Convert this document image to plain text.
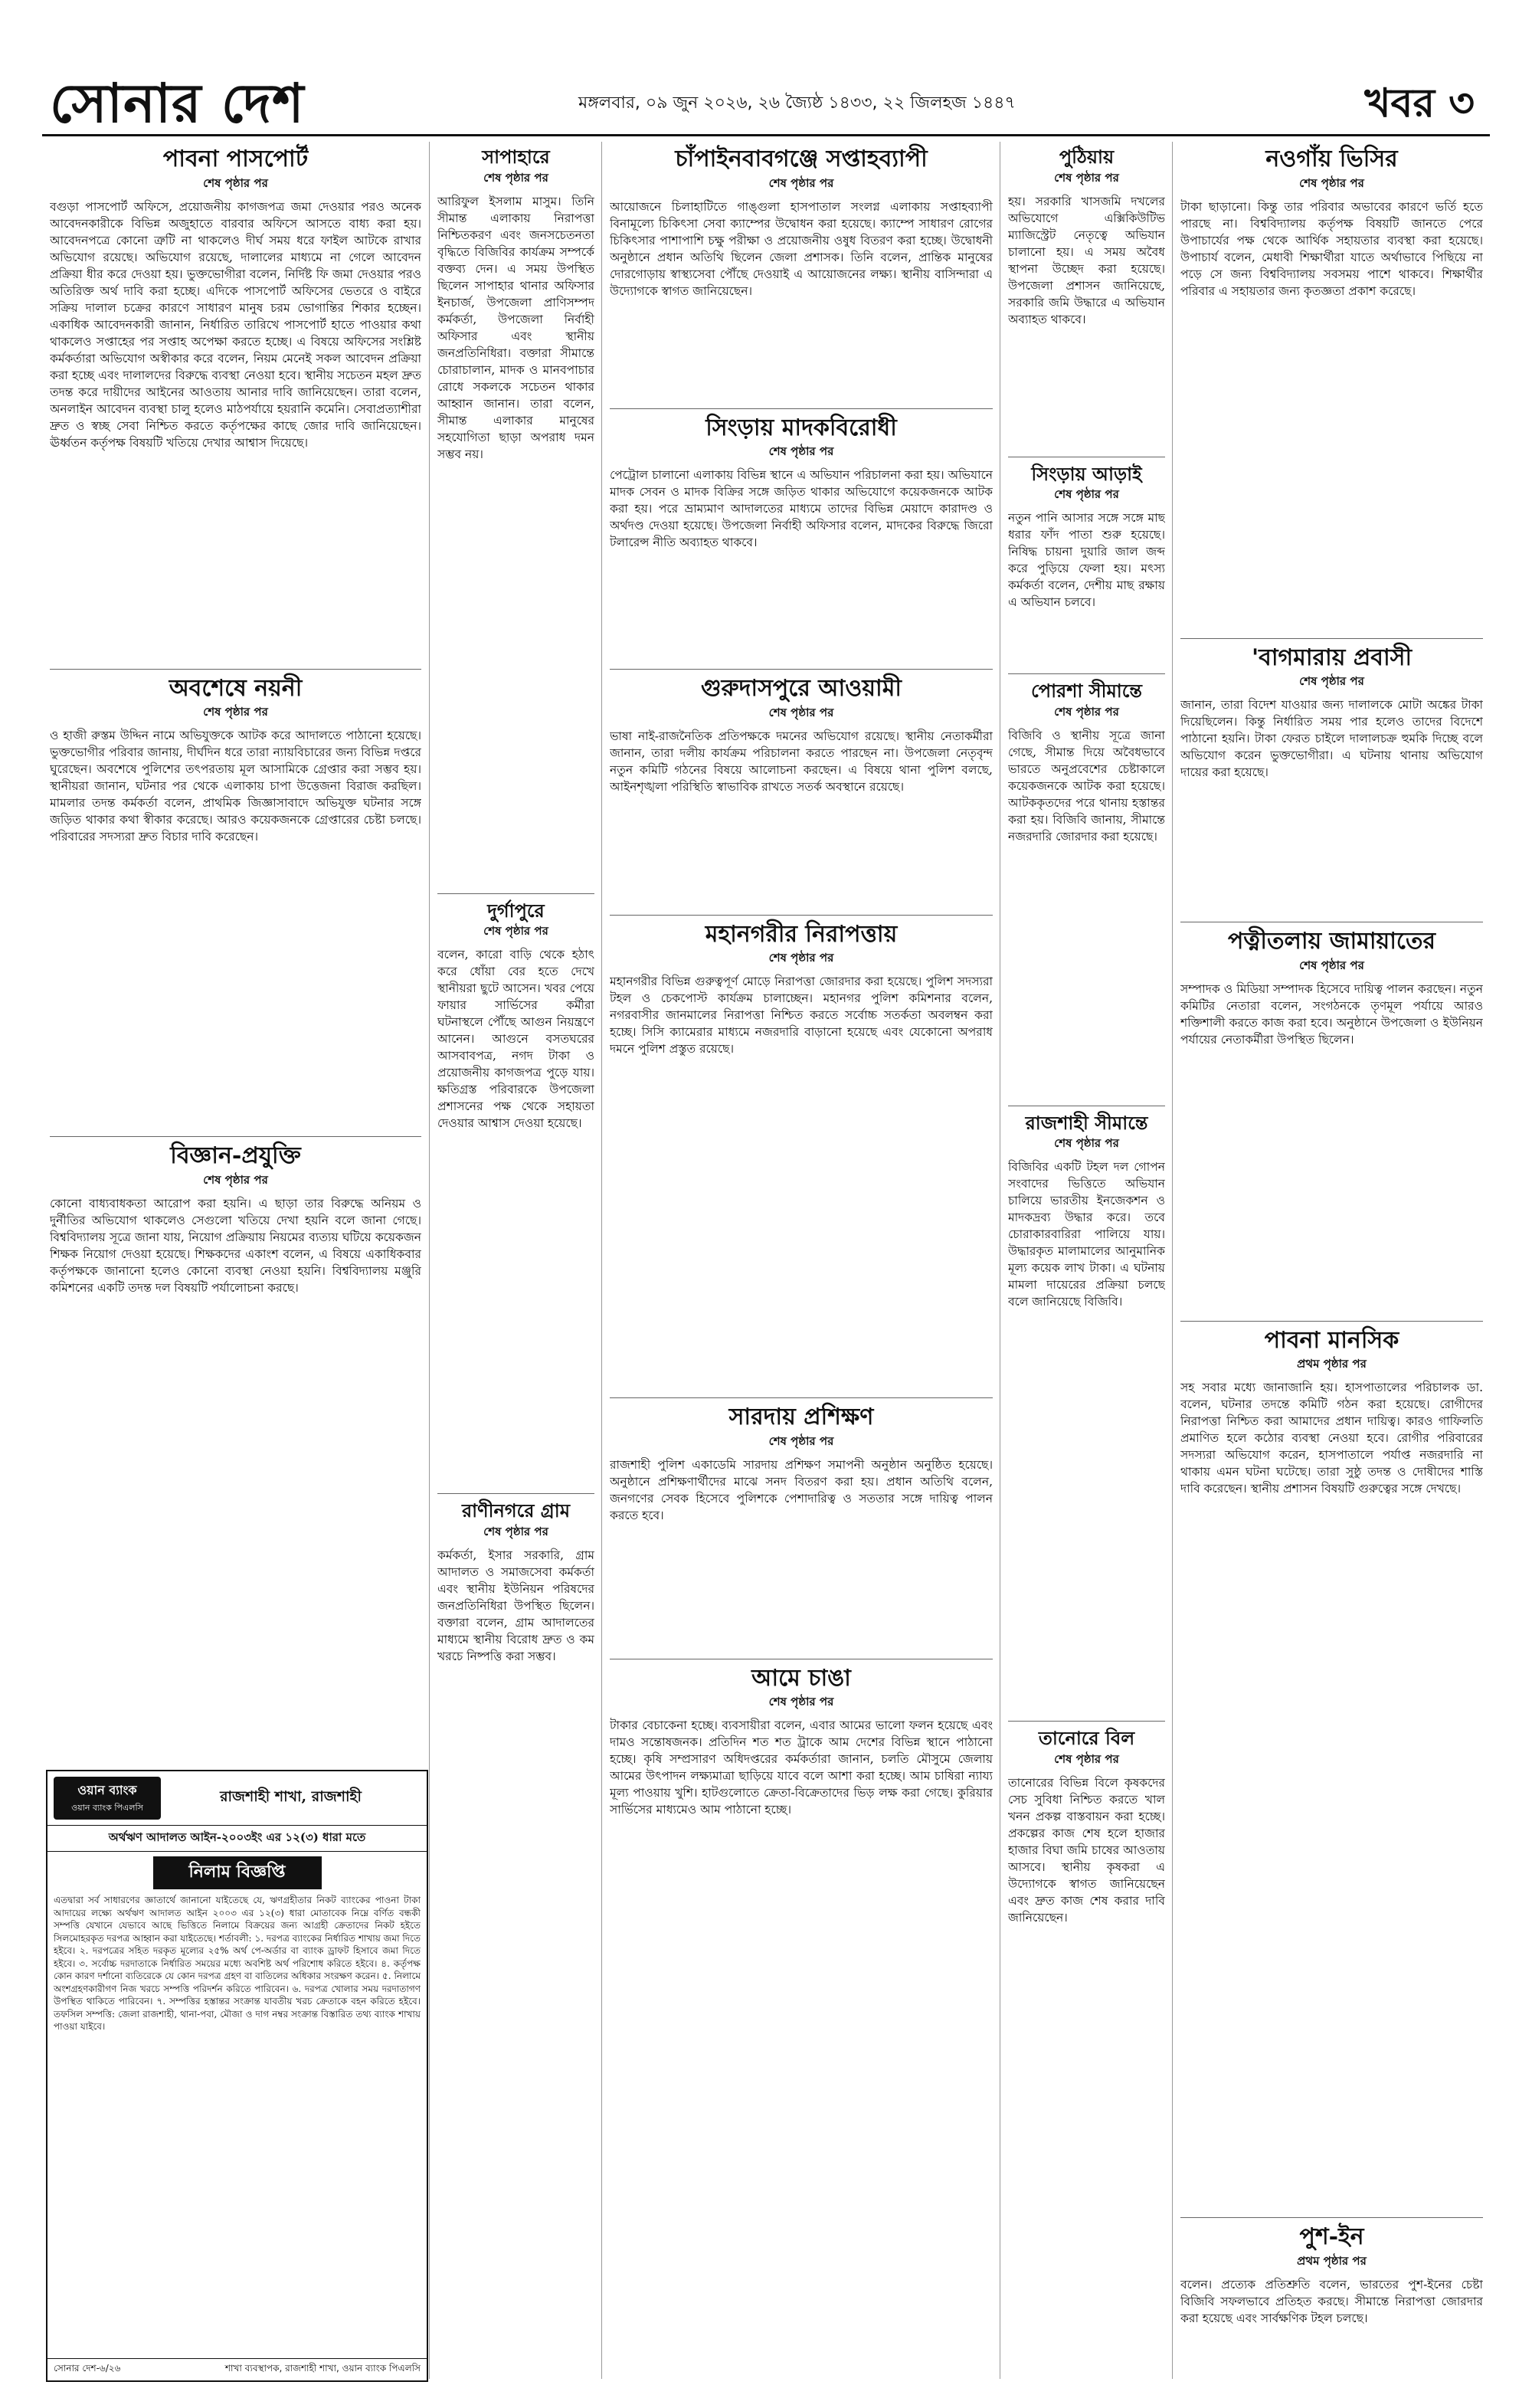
সোনার দেশ	মঙ্গলবার, ০৯ জুন ২০২৬, ২৬ জ্যৈষ্ঠ ১৪৩৩, ২২ জিলহজ ১৪৪৭	খবর ৩
পাবনা পাসপোর্ট
শেষ পৃষ্ঠার পর
বগুড়া পাসপোর্ট অফিসে, প্রয়োজনীয় কাগজপত্র জমা দেওয়ার পরও অনেক আবেদনকারীকে বিভিন্ন অজুহাতে বারবার অফিসে আসতে বাধ্য করা হয়। আবেদনপত্রে কোনো ত্রুটি না থাকলেও দীর্ঘ সময় ধরে ফাইল আটকে রাখার অভিযোগ রয়েছে। অভিযোগ রয়েছে, দালালের মাধ্যমে না গেলে আবেদন প্রক্রিয়া ধীর করে দেওয়া হয়। ভুক্তভোগীরা বলেন, নির্দিষ্ট ফি জমা দেওয়ার পরও অতিরিক্ত অর্থ দাবি করা হচ্ছে। এদিকে পাসপোর্ট অফিসের ভেতরে ও বাইরে সক্রিয় দালাল চক্রের কারণে সাধারণ মানুষ চরম ভোগান্তির শিকার হচ্ছেন। একাধিক আবেদনকারী জানান, নির্ধারিত তারিখে পাসপোর্ট হাতে পাওয়ার কথা থাকলেও সপ্তাহের পর সপ্তাহ অপেক্ষা করতে হচ্ছে। এ বিষয়ে অফিসের সংশ্লিষ্ট কর্মকর্তারা অভিযোগ অস্বীকার করে বলেন, নিয়ম মেনেই সকল আবেদন প্রক্রিয়া করা হচ্ছে এবং দালালদের বিরুদ্ধে ব্যবস্থা নেওয়া হবে। স্থানীয় সচেতন মহল দ্রুত তদন্ত করে দায়ীদের আইনের আওতায় আনার দাবি জানিয়েছেন। তারা বলেন, অনলাইন আবেদন ব্যবস্থা চালু হলেও মাঠপর্যায়ে হয়রানি কমেনি। সেবাপ্রত্যাশীরা দ্রুত ও স্বচ্ছ সেবা নিশ্চিত করতে কর্তৃপক্ষের কাছে জোর দাবি জানিয়েছেন। ঊর্ধ্বতন কর্তৃপক্ষ বিষয়টি খতিয়ে দেখার আশ্বাস দিয়েছে।
অবশেষে নয়নী
শেষ পৃষ্ঠার পর
ও হাজী রুস্তম উদ্দিন নামে অভিযুক্তকে আটক করে আদালতে পাঠানো হয়েছে। ভুক্তভোগীর পরিবার জানায়, দীর্ঘদিন ধরে তারা ন্যায়বিচারের জন্য বিভিন্ন দপ্তরে ঘুরেছেন। অবশেষে পুলিশের তৎপরতায় মূল আসামিকে গ্রেপ্তার করা সম্ভব হয়। স্থানীয়রা জানান, ঘটনার পর থেকে এলাকায় চাপা উত্তেজনা বিরাজ করছিল। মামলার তদন্ত কর্মকর্তা বলেন, প্রাথমিক জিজ্ঞাসাবাদে অভিযুক্ত ঘটনার সঙ্গে জড়িত থাকার কথা স্বীকার করেছে। আরও কয়েকজনকে গ্রেপ্তারের চেষ্টা চলছে। পরিবারের সদস্যরা দ্রুত বিচার দাবি করেছেন।
বিজ্ঞান-প্রযুক্তি
শেষ পৃষ্ঠার পর
কোনো বাধ্যবাধকতা আরোপ করা হয়নি। এ ছাড়া তার বিরুদ্ধে অনিয়ম ও দুর্নীতির অভিযোগ থাকলেও সেগুলো খতিয়ে দেখা হয়নি বলে জানা গেছে। বিশ্ববিদ্যালয় সূত্রে জানা যায়, নিয়োগ প্রক্রিয়ায় নিয়মের ব্যত্যয় ঘটিয়ে কয়েকজন শিক্ষক নিয়োগ দেওয়া হয়েছে। শিক্ষকদের একাংশ বলেন, এ বিষয়ে একাধিকবার কর্তৃপক্ষকে জানানো হলেও কোনো ব্যবস্থা নেওয়া হয়নি। বিশ্ববিদ্যালয় মঞ্জুরি কমিশনের একটি তদন্ত দল বিষয়টি পর্যালোচনা করছে।
সাপাহারে
শেষ পৃষ্ঠার পর
আরিফুল ইসলাম মাসুম। তিনি সীমান্ত এলাকায় নিরাপত্তা নিশ্চিতকরণ এবং জনসচেতনতা বৃদ্ধিতে বিজিবির কার্যক্রম সম্পর্কে বক্তব্য দেন। এ সময় উপস্থিত ছিলেন সাপাহার থানার অফিসার ইনচার্জ, উপজেলা প্রাণিসম্পদ কর্মকর্তা, উপজেলা নির্বাহী অফিসার এবং স্থানীয় জনপ্রতিনিধিরা। বক্তারা সীমান্তে চোরাচালান, মাদক ও মানবপাচার রোধে সকলকে সচেতন থাকার আহ্বান জানান। তারা বলেন, সীমান্ত এলাকার মানুষের সহযোগিতা ছাড়া অপরাধ দমন সম্ভব নয়।
দুর্গাপুরে
শেষ পৃষ্ঠার পর
বলেন, কারো বাড়ি থেকে হঠাৎ করে ধোঁয়া বের হতে দেখে স্থানীয়রা ছুটে আসেন। খবর পেয়ে ফায়ার সার্ভিসের কর্মীরা ঘটনাস্থলে পৌঁছে আগুন নিয়ন্ত্রণে আনেন। আগুনে বসতঘরের আসবাবপত্র, নগদ টাকা ও প্রয়োজনীয় কাগজপত্র পুড়ে যায়। ক্ষতিগ্রস্ত পরিবারকে উপজেলা প্রশাসনের পক্ষ থেকে সহায়তা দেওয়ার আশ্বাস দেওয়া হয়েছে।
রাণীনগরে গ্রাম
শেষ পৃষ্ঠার পর
কর্মকর্তা, ইসার সরকারি, গ্রাম আদালত ও সমাজসেবা কর্মকর্তা এবং স্থানীয় ইউনিয়ন পরিষদের জনপ্রতিনিধিরা উপস্থিত ছিলেন। বক্তারা বলেন, গ্রাম আদালতের মাধ্যমে স্থানীয় বিরোধ দ্রুত ও কম খরচে নিষ্পত্তি করা সম্ভব।
চাঁপাইনবাবগঞ্জে সপ্তাহব্যাপী
শেষ পৃষ্ঠার পর
আয়োজনে চিলাহাটিতে গাঙ্গুলা হাসপাতাল সংলগ্ন এলাকায় সপ্তাহব্যাপী বিনামূল্যে চিকিৎসা সেবা ক্যাম্পের উদ্বোধন করা হয়েছে। ক্যাম্পে সাধারণ রোগের চিকিৎসার পাশাপাশি চক্ষু পরীক্ষা ও প্রয়োজনীয় ওষুধ বিতরণ করা হচ্ছে। উদ্বোধনী অনুষ্ঠানে প্রধান অতিথি ছিলেন জেলা প্রশাসক। তিনি বলেন, প্রান্তিক মানুষের দোরগোড়ায় স্বাস্থ্যসেবা পৌঁছে দেওয়াই এ আয়োজনের লক্ষ্য। স্থানীয় বাসিন্দারা এ উদ্যোগকে স্বাগত জানিয়েছেন।
সিংড়ায় মাদকবিরোধী
শেষ পৃষ্ঠার পর
পেট্রোল চালানো এলাকায় বিভিন্ন স্থানে এ অভিযান পরিচালনা করা হয়। অভিযানে মাদক সেবন ও মাদক বিক্রির সঙ্গে জড়িত থাকার অভিযোগে কয়েকজনকে আটক করা হয়। পরে ভ্রাম্যমাণ আদালতের মাধ্যমে তাদের বিভিন্ন মেয়াদে কারাদণ্ড ও অর্থদণ্ড দেওয়া হয়েছে। উপজেলা নির্বাহী অফিসার বলেন, মাদকের বিরুদ্ধে জিরো টলারেন্স নীতি অব্যাহত থাকবে।
গুরুদাসপুরে আওয়ামী
শেষ পৃষ্ঠার পর
ভাষা নাই-রাজনৈতিক প্রতিপক্ষকে দমনের অভিযোগ রয়েছে। স্থানীয় নেতাকর্মীরা জানান, তারা দলীয় কার্যক্রম পরিচালনা করতে পারছেন না। উপজেলা নেতৃবৃন্দ নতুন কমিটি গঠনের বিষয়ে আলোচনা করছেন। এ বিষয়ে থানা পুলিশ বলছে, আইনশৃঙ্খলা পরিস্থিতি স্বাভাবিক রাখতে সতর্ক অবস্থানে রয়েছে।
মহানগরীর নিরাপত্তায়
শেষ পৃষ্ঠার পর
মহানগরীর বিভিন্ন গুরুত্বপূর্ণ মোড়ে নিরাপত্তা জোরদার করা হয়েছে। পুলিশ সদস্যরা টহল ও চেকপোস্ট কার্যক্রম চালাচ্ছেন। মহানগর পুলিশ কমিশনার বলেন, নগরবাসীর জানমালের নিরাপত্তা নিশ্চিত করতে সর্বোচ্চ সতর্কতা অবলম্বন করা হচ্ছে। সিসি ক্যামেরার মাধ্যমে নজরদারি বাড়ানো হয়েছে এবং যেকোনো অপরাধ দমনে পুলিশ প্রস্তুত রয়েছে।
সারদায় প্রশিক্ষণ
শেষ পৃষ্ঠার পর
রাজশাহী পুলিশ একাডেমি সারদায় প্রশিক্ষণ সমাপনী অনুষ্ঠান অনুষ্ঠিত হয়েছে। অনুষ্ঠানে প্রশিক্ষণার্থীদের মাঝে সনদ বিতরণ করা হয়। প্রধান অতিথি বলেন, জনগণের সেবক হিসেবে পুলিশকে পেশাদারিত্ব ও সততার সঙ্গে দায়িত্ব পালন করতে হবে।
আমে চাঙা
শেষ পৃষ্ঠার পর
টাকার বেচাকেনা হচ্ছে। ব্যবসায়ীরা বলেন, এবার আমের ভালো ফলন হয়েছে এবং দামও সন্তোষজনক। প্রতিদিন শত শত ট্রাকে আম দেশের বিভিন্ন স্থানে পাঠানো হচ্ছে। কৃষি সম্প্রসারণ অধিদপ্তরের কর্মকর্তারা জানান, চলতি মৌসুমে জেলায় আমের উৎপাদন লক্ষ্যমাত্রা ছাড়িয়ে যাবে বলে আশা করা হচ্ছে। আম চাষিরা ন্যায্য মূল্য পাওয়ায় খুশি। হাটগুলোতে ক্রেতা-বিক্রেতাদের ভিড় লক্ষ করা গেছে। কুরিয়ার সার্ভিসের মাধ্যমেও আম পাঠানো হচ্ছে।
পুঠিয়ায়
শেষ পৃষ্ঠার পর
হয়। সরকারি খাসজমি দখলের অভিযোগে এক্সিকিউটিভ ম্যাজিস্ট্রেট নেতৃত্বে অভিযান চালানো হয়। এ সময় অবৈধ স্থাপনা উচ্ছেদ করা হয়েছে। উপজেলা প্রশাসন জানিয়েছে, সরকারি জমি উদ্ধারে এ অভিযান অব্যাহত থাকবে।
সিংড়ায় আড়াই
শেষ পৃষ্ঠার পর
নতুন পানি আসার সঙ্গে সঙ্গে মাছ ধরার ফাঁদ পাতা শুরু হয়েছে। নিষিদ্ধ চায়না দুয়ারি জাল জব্দ করে পুড়িয়ে ফেলা হয়। মৎস্য কর্মকর্তা বলেন, দেশীয় মাছ রক্ষায় এ অভিযান চলবে।
পোরশা সীমান্তে
শেষ পৃষ্ঠার পর
বিজিবি ও স্থানীয় সূত্রে জানা গেছে, সীমান্ত দিয়ে অবৈধভাবে ভারতে অনুপ্রবেশের চেষ্টাকালে কয়েকজনকে আটক করা হয়েছে। আটককৃতদের পরে থানায় হস্তান্তর করা হয়। বিজিবি জানায়, সীমান্তে নজরদারি জোরদার করা হয়েছে।
রাজশাহী সীমান্তে
শেষ পৃষ্ঠার পর
বিজিবির একটি টহল দল গোপন সংবাদের ভিত্তিতে অভিযান চালিয়ে ভারতীয় ইনজেকশন ও মাদকদ্রব্য উদ্ধার করে। তবে চোরাকারবারিরা পালিয়ে যায়। উদ্ধারকৃত মালামালের আনুমানিক মূল্য কয়েক লাখ টাকা। এ ঘটনায় মামলা দায়েরের প্রক্রিয়া চলছে বলে জানিয়েছে বিজিবি।
তানোরে বিল
শেষ পৃষ্ঠার পর
তানোরের বিভিন্ন বিলে কৃষকদের সেচ সুবিধা নিশ্চিত করতে খাল খনন প্রকল্প বাস্তবায়ন করা হচ্ছে। প্রকল্পের কাজ শেষ হলে হাজার হাজার বিঘা জমি চাষের আওতায় আসবে। স্থানীয় কৃষকরা এ উদ্যোগকে স্বাগত জানিয়েছেন এবং দ্রুত কাজ শেষ করার দাবি জানিয়েছেন।
নওগাঁয় ভিসির
শেষ পৃষ্ঠার পর
টাকা ছাড়ানো। কিন্তু তার পরিবার অভাবের কারণে ভর্তি হতে পারছে না। বিশ্ববিদ্যালয় কর্তৃপক্ষ বিষয়টি জানতে পেরে উপাচার্যের পক্ষ থেকে আর্থিক সহায়তার ব্যবস্থা করা হয়েছে। উপাচার্য বলেন, মেধাবী শিক্ষার্থীরা যাতে অর্থাভাবে পিছিয়ে না পড়ে সে জন্য বিশ্ববিদ্যালয় সবসময় পাশে থাকবে। শিক্ষার্থীর পরিবার এ সহায়তার জন্য কৃতজ্ঞতা প্রকাশ করেছে।
'বাগমারায় প্রবাসী
শেষ পৃষ্ঠার পর
জানান, তারা বিদেশ যাওয়ার জন্য দালালকে মোটা অঙ্কের টাকা দিয়েছিলেন। কিন্তু নির্ধারিত সময় পার হলেও তাদের বিদেশে পাঠানো হয়নি। টাকা ফেরত চাইলে দালালচক্র হুমকি দিচ্ছে বলে অভিযোগ করেন ভুক্তভোগীরা। এ ঘটনায় থানায় অভিযোগ দায়ের করা হয়েছে।
পত্নীতলায় জামায়াতের
শেষ পৃষ্ঠার পর
সম্পাদক ও মিডিয়া সম্পাদক হিসেবে দায়িত্ব পালন করছেন। নতুন কমিটির নেতারা বলেন, সংগঠনকে তৃণমূল পর্যায়ে আরও শক্তিশালী করতে কাজ করা হবে। অনুষ্ঠানে উপজেলা ও ইউনিয়ন পর্যায়ের নেতাকর্মীরা উপস্থিত ছিলেন।
পাবনা মানসিক
প্রথম পৃষ্ঠার পর
সহ সবার মধ্যে জানাজানি হয়। হাসপাতালের পরিচালক ডা. বলেন, ঘটনার তদন্তে কমিটি গঠন করা হয়েছে। রোগীদের নিরাপত্তা নিশ্চিত করা আমাদের প্রধান দায়িত্ব। কারও গাফিলতি প্রমাণিত হলে কঠোর ব্যবস্থা নেওয়া হবে। রোগীর পরিবারের সদস্যরা অভিযোগ করেন, হাসপাতালে পর্যাপ্ত নজরদারি না থাকায় এমন ঘটনা ঘটেছে। তারা সুষ্ঠু তদন্ত ও দোষীদের শাস্তি দাবি করেছেন। স্থানীয় প্রশাসন বিষয়টি গুরুত্বের সঙ্গে দেখছে।
পুশ-ইন
প্রথম পৃষ্ঠার পর
বলেন। প্রত্যেক প্রতিশ্রুতি বলেন, ভারতের পুশ-ইনের চেষ্টা বিজিবি সফলভাবে প্রতিহত করছে। সীমান্তে নিরাপত্তা জোরদার করা হয়েছে এবং সার্বক্ষণিক টহল চলছে।
ওয়ান ব্যাংক
ওয়ান ব্যাংক পিএলসি
রাজশাহী শাখা, রাজশাহী
অর্থঋণ আদালত আইন-২০০৩ইং এর ১২(৩) ধারা মতে
নিলাম বিজ্ঞপ্তি
এতদ্বারা সর্ব সাধারণের জ্ঞাতার্থে জানানো যাইতেছে যে, ঋণগ্রহীতার নিকট ব্যাংকের পাওনা টাকা আদায়ের লক্ষ্যে অর্থঋণ আদালত আইন ২০০৩ এর ১২(৩) ধারা মোতাবেক নিম্নে বর্ণিত বন্ধকী সম্পত্তি যেখানে যেভাবে আছে ভিত্তিতে নিলামে বিক্রয়ের জন্য আগ্রহী ক্রেতাদের নিকট হইতে সিলমোহরকৃত দরপত্র আহ্বান করা যাইতেছে। শর্তাবলী: ১. দরপত্র ব্যাংকের নির্ধারিত শাখায় জমা দিতে হইবে। ২. দরপত্রের সহিত দরকৃত মূল্যের ২৫% অর্থ পে-অর্ডার বা ব্যাংক ড্রাফট হিসাবে জমা দিতে হইবে। ৩. সর্বোচ্চ দরদাতাকে নির্ধারিত সময়ের মধ্যে অবশিষ্ট অর্থ পরিশোধ করিতে হইবে। ৪. কর্তৃপক্ষ কোন কারণ দর্শানো ব্যতিরেকে যে কোন দরপত্র গ্রহণ বা বাতিলের অধিকার সংরক্ষণ করেন। ৫. নিলামে অংশগ্রহণকারীগণ নিজ খরচে সম্পত্তি পরিদর্শন করিতে পারিবেন। ৬. দরপত্র খোলার সময় দরদাতাগণ উপস্থিত থাকিতে পারিবেন। ৭. সম্পত্তির হস্তান্তর সংক্রান্ত যাবতীয় খরচ ক্রেতাকে বহন করিতে হইবে। তফসিল সম্পত্তি: জেলা রাজশাহী, থানা-পবা, মৌজা ও দাগ নম্বর সংক্রান্ত বিস্তারিত তথ্য ব্যাংক শাখায় পাওয়া যাইবে।
সোনার দেশ-৬/২৬	শাখা ব্যবস্থাপক, রাজশাহী শাখা, ওয়ান ব্যাংক পিএলসি
